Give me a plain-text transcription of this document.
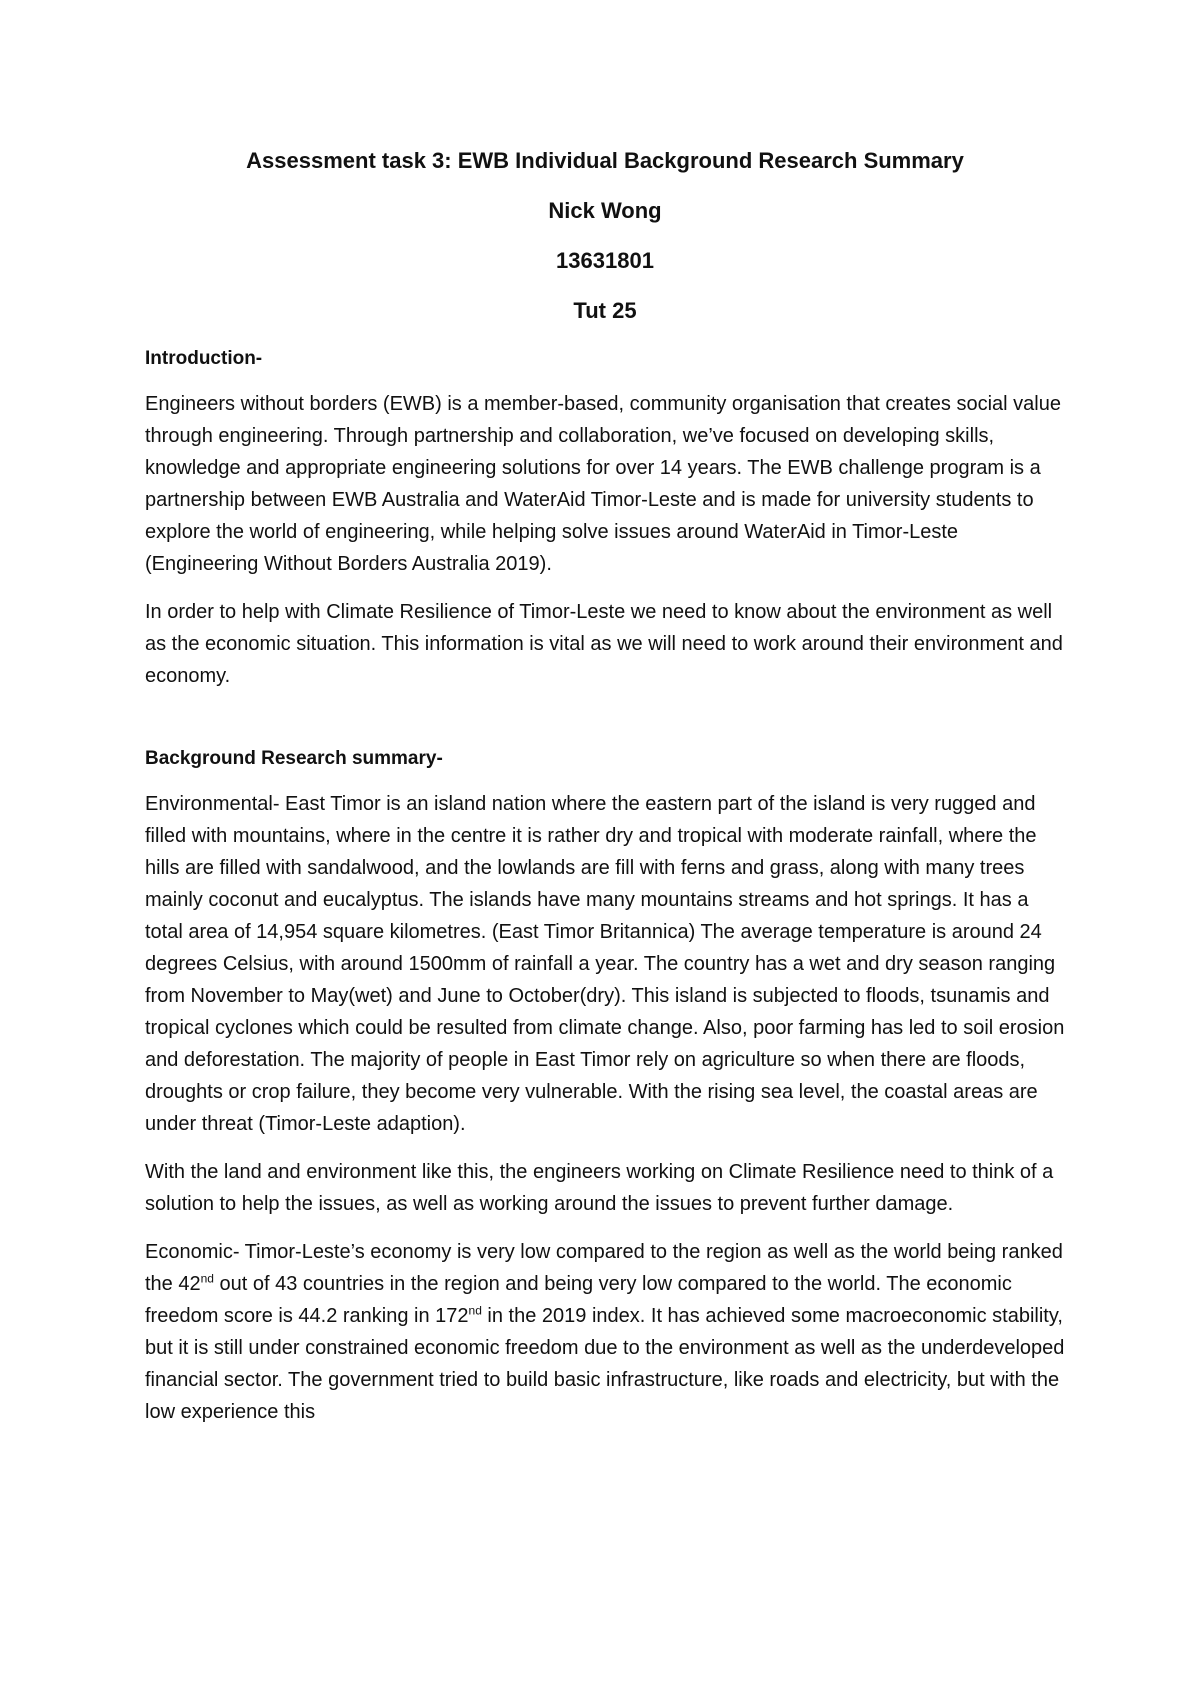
Assessment task 3: EWB Individual Background Research Summary

Nick Wong

13631801

Tut 25

Introduction-

Engineers without borders (EWB) is a member-based, community organisation that creates social value through engineering. Through partnership and collaboration, we’ve focused on developing skills, knowledge and appropriate engineering solutions for over 14 years. The EWB challenge program is a partnership between EWB Australia and WaterAid Timor-Leste and is made for university students to explore the world of engineering, while helping solve issues around WaterAid in Timor-Leste (Engineering Without Borders Australia 2019).

In order to help with Climate Resilience of Timor-Leste we need to know about the environment as well as the economic situation. This information is vital as we will need to work around their environment and economy.

Background Research summary-

Environmental- East Timor is an island nation where the eastern part of the island is very rugged and filled with mountains, where in the centre it is rather dry and tropical with moderate rainfall, where the hills are filled with sandalwood, and the lowlands are fill with ferns and grass, along with many trees mainly coconut and eucalyptus. The islands have many mountains streams and hot springs. It has a total area of 14,954 square kilometres. (East Timor Britannica) The average temperature is around 24 degrees Celsius, with around 1500mm of rainfall a year. The country has a wet and dry season ranging from November to May(wet) and June to October(dry). This island is subjected to floods, tsunamis and tropical cyclones which could be resulted from climate change. Also, poor farming has led to soil erosion and deforestation. The majority of people in East Timor rely on agriculture so when there are floods, droughts or crop failure, they become very vulnerable. With the rising sea level, the coastal areas are under threat (Timor-Leste adaption).

With the land and environment like this, the engineers working on Climate Resilience need to think of a solution to help the issues, as well as working around the issues to prevent further damage.

Economic- Timor-Leste’s economy is very low compared to the region as well as the world being ranked the 42nd out of 43 countries in the region and being very low compared to the world. The economic freedom score is 44.2 ranking in 172nd in the 2019 index. It has achieved some macroeconomic stability, but it is still under constrained economic freedom due to the environment as well as the underdeveloped financial sector. The government tried to build basic infrastructure, like roads and electricity, but with the low experience this
